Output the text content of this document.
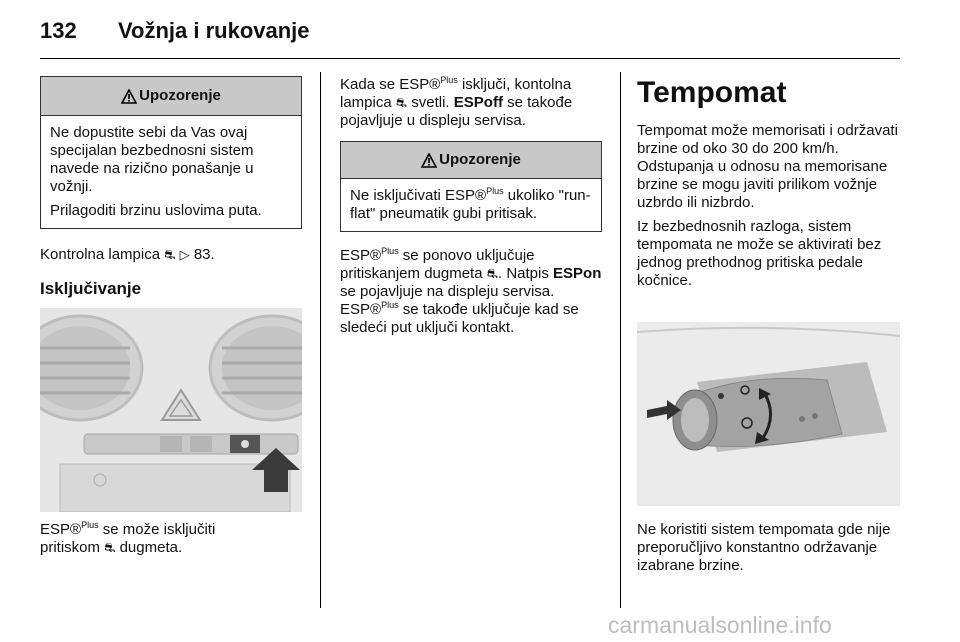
132 Vožnja i rukovanje
Upozorenje

Ne dopustite sebi da Vas ovaj specijalan bezbednosni sistem navede na rizično ponašanje u vožnji.

Prilagoditi brzinu uslovima puta.

Kontrolna lampica ⛐ ▷ 83.

Isključivanje

ESP®$^{Plus}$ se može isključiti
pritiskom ⛐ dugmeta.

Kada se ESP®$^{Plus}$ isključi, kontolna lampica ⛐ svetli. ESPoff se takođe pojavljuje u displeju servisa.

Upozorenje

Ne isključivati ESP®$^{Plus}$ ukoliko "run-flat" pneumatik gubi pritisak.

ESP®$^{Plus}$ se ponovo uključuje pritiskanjem dugmeta ⛐. Natpis ESPon se pojavljuje na displeju servisa. ESP®$^{Plus}$ se takođe uključuje kad se sledeći put uključi kontakt.

Tempomat

Tempomat može memorisati i održavati brzine od oko 30 do 200 km/h. Odstupanja u odnosu na memorisane brzine se mogu javiti prilikom vožnje uzbrdo ili nizbrdo.

Iz bezbednosnih razloga, sistem tempomata ne može se aktivirati bez jednog prethodnog pritiska pedale kočnice.

Ne koristiti sistem tempomata gde nije preporučljivo konstantno održavanje izabrane brzine.

carmanualsonline.info
